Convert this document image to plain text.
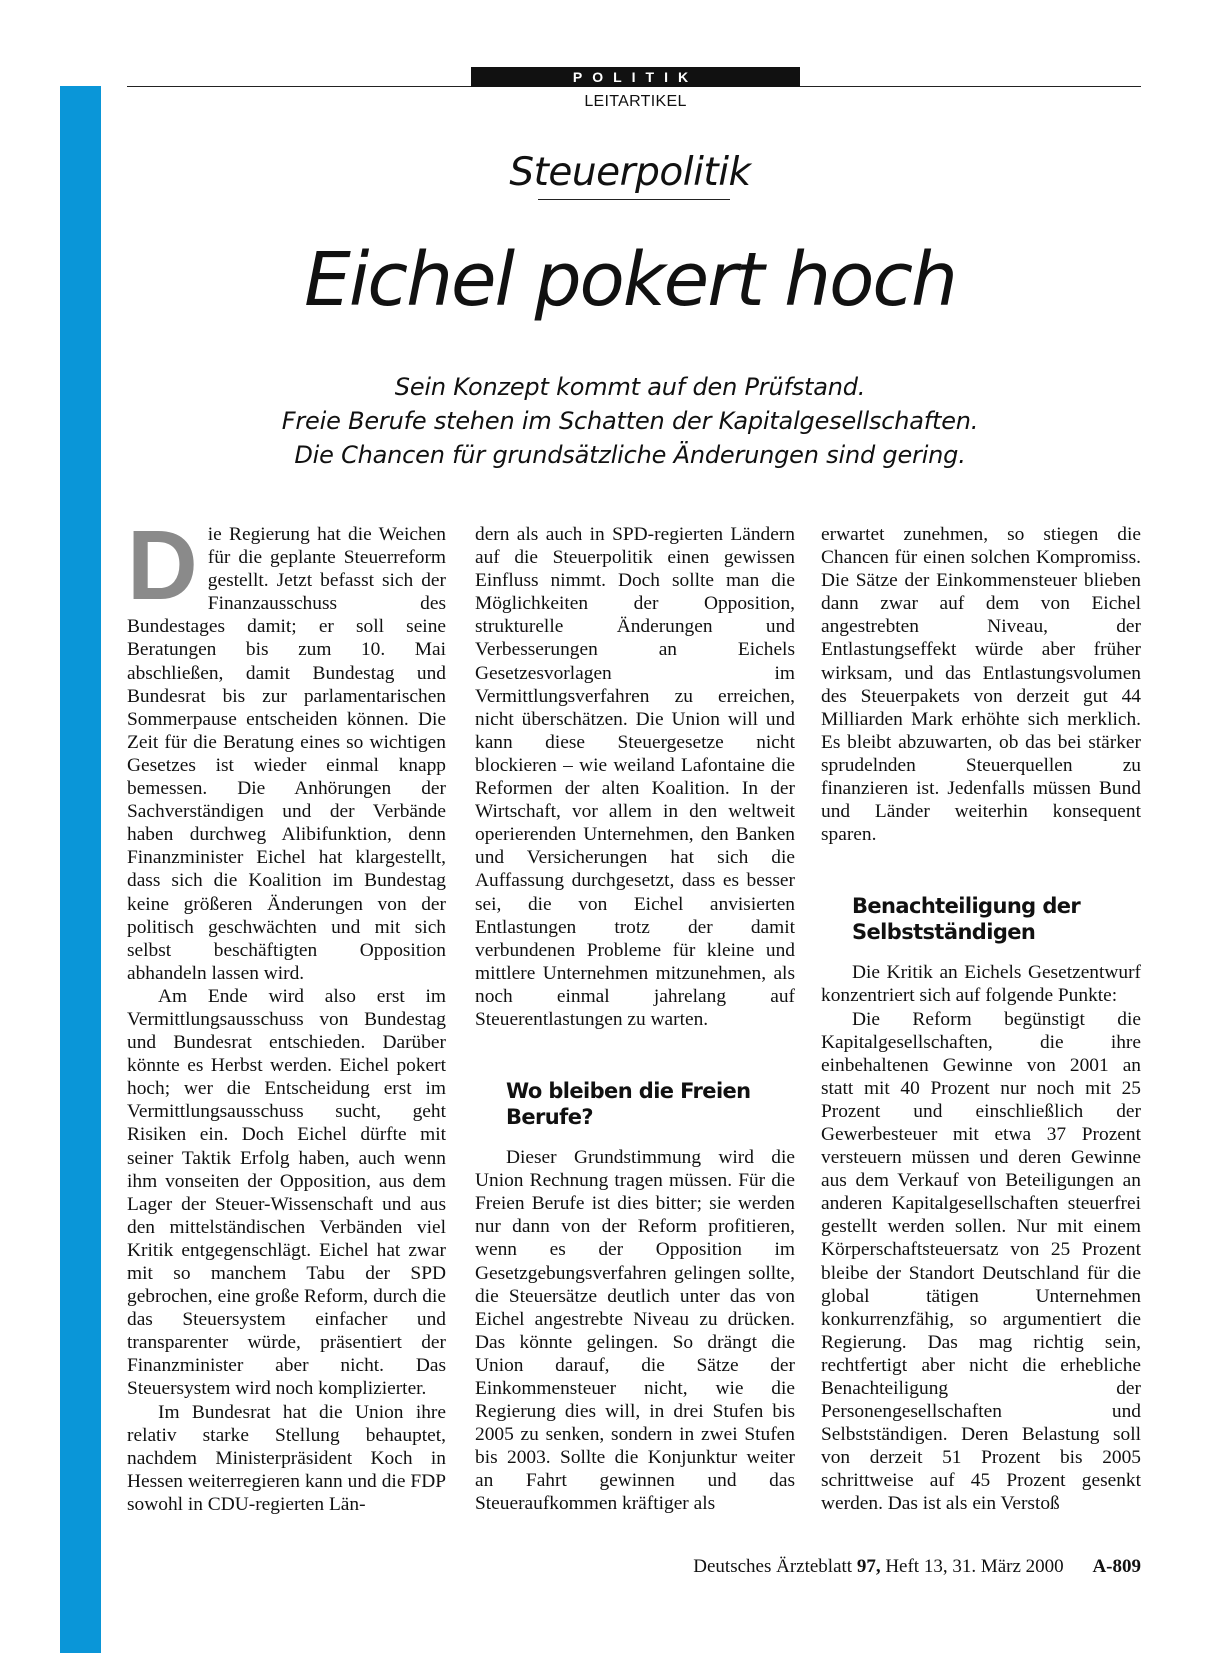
POLITIK
LEITARTIKEL
Steuerpolitik
Eichel pokert hoch
Sein Konzept kommt auf den Prüfstand.
Freie Berufe stehen im Schatten der Kapitalgesellschaften.
Die Chancen für grundsätzliche Änderungen sind gering.
D ie Regierung hat die Weichen für die geplante Steuerreform gestellt. Jetzt befasst sich der Finanzausschuss des Bundestages damit; er soll seine Beratungen bis zum 10. Mai abschließen, damit Bundestag und Bundesrat bis zur parlamentarischen Sommerpause entscheiden können. Die Zeit für die Beratung eines so wichtigen Gesetzes ist wieder einmal knapp bemessen. Die Anhörungen der Sachverständigen und der Verbände haben durchweg Alibifunktion, denn Finanzminister Eichel hat klargestellt, dass sich die Koalition im Bundestag keine größeren Änderungen von der politisch geschwächten und mit sich selbst beschäftigten Opposition abhandeln lassen wird.

Am Ende wird also erst im Vermittlungsausschuss von Bundestag und Bundesrat entschieden. Darüber könnte es Herbst werden. Eichel pokert hoch; wer die Entscheidung erst im Vermittlungsausschuss sucht, geht Risiken ein. Doch Eichel dürfte mit seiner Taktik Erfolg haben, auch wenn ihm vonseiten der Opposition, aus dem Lager der Steuer-Wissenschaft und aus den mittelständischen Verbänden viel Kritik entgegenschlägt. Eichel hat zwar mit so manchem Tabu der SPD gebrochen, eine große Reform, durch die das Steuersystem einfacher und transparenter würde, präsentiert der Finanzminister aber nicht. Das Steuersystem wird noch komplizierter.

Im Bundesrat hat die Union ihre relativ starke Stellung behauptet, nachdem Ministerpräsident Koch in Hessen weiterregieren kann und die FDP sowohl in CDU-regierten Län-

dern als auch in SPD-regierten Ländern auf die Steuerpolitik einen gewissen Einfluss nimmt. Doch sollte man die Möglichkeiten der Opposition, strukturelle Änderungen und Verbesserungen an Eichels Gesetzesvorlagen im Vermittlungsverfahren zu erreichen, nicht überschätzen. Die Union will und kann diese Steuergesetze nicht blockieren – wie weiland Lafontaine die Reformen der alten Koalition. In der Wirtschaft, vor allem in den weltweit operierenden Unternehmen, den Banken und Versicherungen hat sich die Auffassung durchgesetzt, dass es besser sei, die von Eichel anvisierten Entlastungen trotz der damit verbundenen Probleme für kleine und mittlere Unternehmen mitzunehmen, als noch einmal jahrelang auf Steuerentlastungen zu warten.

Wo bleiben die Freien Berufe?

Dieser Grundstimmung wird die Union Rechnung tragen müssen. Für die Freien Berufe ist dies bitter; sie werden nur dann von der Reform profitieren, wenn es der Opposition im Gesetzgebungsverfahren gelingen sollte, die Steuersätze deutlich unter das von Eichel angestrebte Niveau zu drücken. Das könnte gelingen. So drängt die Union darauf, die Sätze der Einkommensteuer nicht, wie die Regierung dies will, in drei Stufen bis 2005 zu senken, sondern in zwei Stufen bis 2003. Sollte die Konjunktur weiter an Fahrt gewinnen und das Steueraufkommen kräftiger als

erwartet zunehmen, so stiegen die Chancen für einen solchen Kompromiss. Die Sätze der Einkommensteuer blieben dann zwar auf dem von Eichel angestrebten Niveau, der Entlastungseffekt würde aber früher wirksam, und das Entlastungsvolumen des Steuerpakets von derzeit gut 44 Milliarden Mark erhöhte sich merklich. Es bleibt abzuwarten, ob das bei stärker sprudelnden Steuerquellen zu finanzieren ist. Jedenfalls müssen Bund und Länder weiterhin konsequent sparen.

Benachteiligung der Selbstständigen

Die Kritik an Eichels Gesetzentwurf konzentriert sich auf folgende Punkte:

Die Reform begünstigt die Kapitalgesellschaften, die ihre einbehaltenen Gewinne von 2001 an statt mit 40 Prozent nur noch mit 25 Prozent und einschließlich der Gewerbesteuer mit etwa 37 Prozent versteuern müssen und deren Gewinne aus dem Verkauf von Beteiligungen an anderen Kapitalgesellschaften steuerfrei gestellt werden sollen. Nur mit einem Körperschaftsteuersatz von 25 Prozent bleibe der Standort Deutschland für die global tätigen Unternehmen konkurrenzfähig, so argumentiert die Regierung. Das mag richtig sein, rechtfertigt aber nicht die erhebliche Benachteiligung der Personengesellschaften und Selbstständigen. Deren Belastung soll von derzeit 51 Prozent bis 2005 schrittweise auf 45 Prozent gesenkt werden. Das ist als ein Verstoß

Deutsches Ärzteblatt 97, Heft 13, 31. März 2000 A-809
